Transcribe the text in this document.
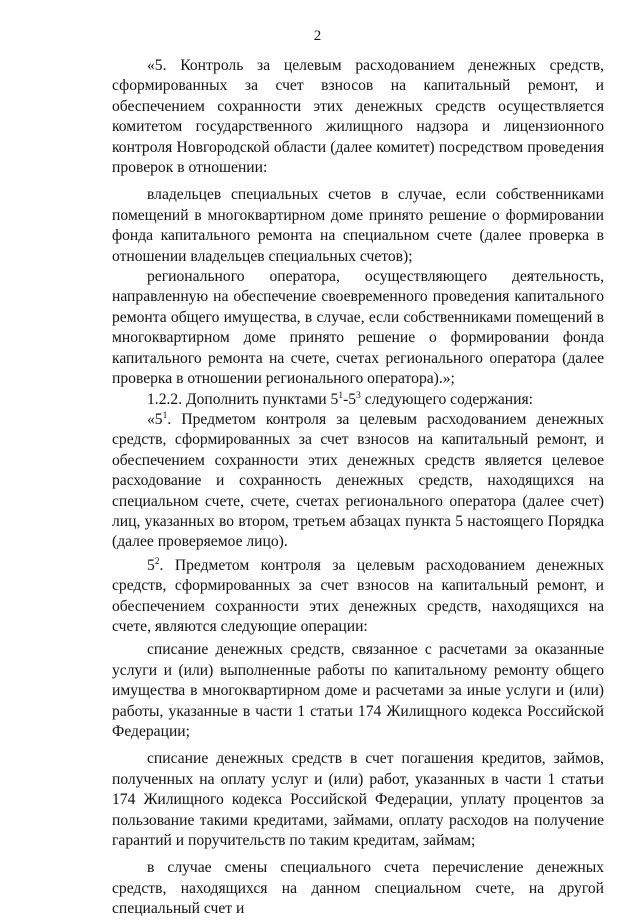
2

«5. Контроль за целевым расходованием денежных средств, сформированных за счет взносов на капитальный ремонт, и обеспечением сохранности этих денежных средств осуществляется комитетом государственного жилищного надзора и лицензионного контроля Новгородской области (далее комитет) посредством проведения проверок в отношении:

владельцев специальных счетов в случае, если собственниками помещений в многоквартирном доме принято решение о формировании фонда капитального ремонта на специальном счете (далее проверка в отношении владельцев специальных счетов);

регионального оператора, осуществляющего деятельность, направленную на обеспечение своевременного проведения капитального ремонта общего имущества, в случае, если собственниками помещений в многоквартирном доме принято решение о формировании фонда капитального ремонта на счете, счетах регионального оператора (далее проверка в отношении регионального оператора).»;

1.2.2. Дополнить пунктами $5^1-5^3$ следующего содержания:

«$5^1$. Предметом контроля за целевым расходованием денежных средств, сформированных за счет взносов на капитальный ремонт, и обеспечением сохранности этих денежных средств является целевое расходование и сохранность денежных средств, находящихся на специальном счете, счете, счетах регионального оператора (далее счет) лиц, указанных во втором, третьем абзацах пункта 5 настоящего Порядка (далее проверяемое лицо).

$5^2$. Предметом контроля за целевым расходованием денежных средств, сформированных за счет взносов на капитальный ремонт, и обеспечением сохранности этих денежных средств, находящихся на счете, являются следующие операции:

списание денежных средств, связанное с расчетами за оказанные услуги и (или) выполненные работы по капитальному ремонту общего имущества в многоквартирном доме и расчетами за иные услуги и (или) работы, указанные в части 1 статьи 174 Жилищного кодекса Российской Федерации;

списание денежных средств в счет погашения кредитов, займов, полученных на оплату услуг и (или) работ, указанных в части 1 статьи 174 Жилищного кодекса Российской Федерации, уплату процентов за пользование такими кредитами, займами, оплату расходов на получение гарантий и поручительств по таким кредитам, займам;

в случае смены специального счета перечисление денежных средств, находящихся на данном специальном счете, на другой специальный счет и
